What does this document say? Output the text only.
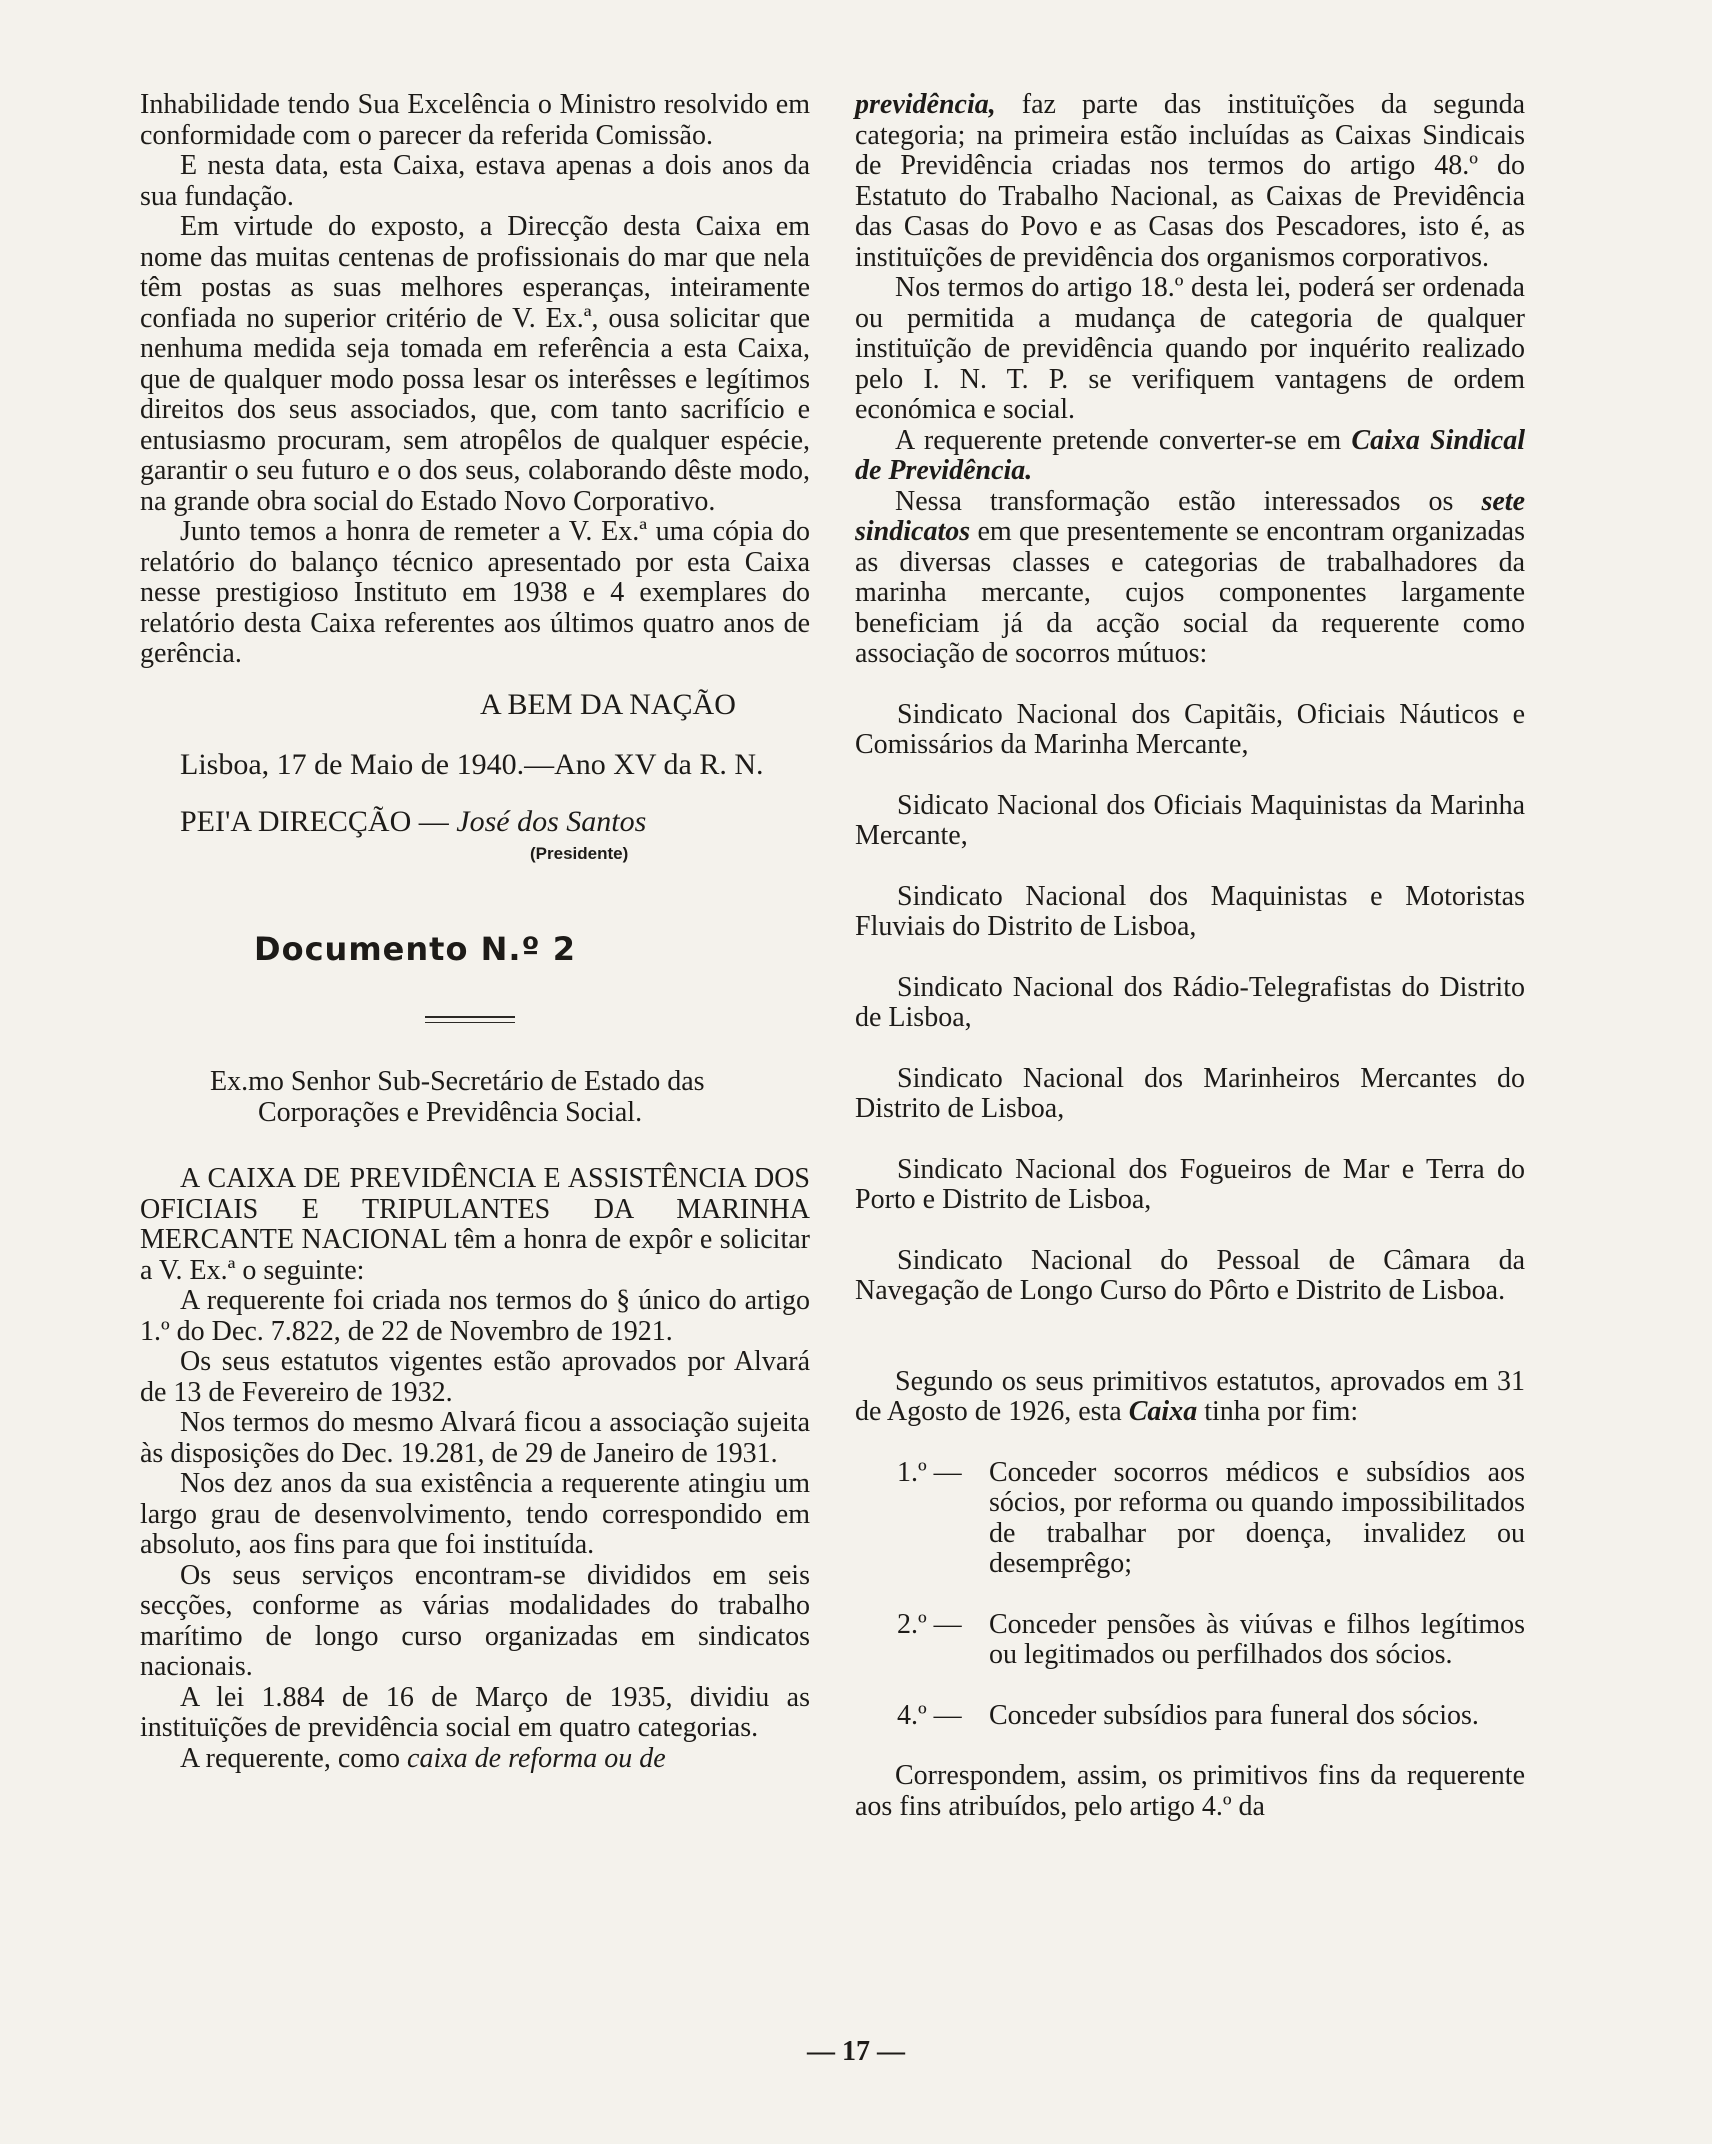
Inhabilidade tendo Sua Excelência o Ministro resolvido em conformidade com o parecer da referida Comissão.

E nesta data, esta Caixa, estava apenas a dois anos da sua fundação.

Em virtude do exposto, a Direcção desta Caixa em nome das muitas centenas de profissionais do mar que nela têm postas as suas melhores esperanças, inteiramente confiada no superior critério de V. Ex.ª, ousa solicitar que nenhuma medida seja tomada em referência a esta Caixa, que de qualquer modo possa lesar os interêsses e legítimos direitos dos seus associados, que, com tanto sacrifício e entusiasmo procuram, sem atropêlos de qualquer espécie, garantir o seu futuro e o dos seus, colaborando dêste modo, na grande obra social do Estado Novo Corporativo.

Junto temos a honra de remeter a V. Ex.ª uma cópia do relatório do balanço técnico apresentado por esta Caixa nesse prestigioso Instituto em 1938 e 4 exemplares do relatório desta Caixa referentes aos últimos quatro anos de gerência.

A BEM DA NAÇÃO

Lisboa, 17 de Maio de 1940.—Ano XV da R. N.

PEI'A DIRECÇÃO — José dos Santos

(Presidente)

Documento N.º 2

Ex.mo Senhor Sub-Secretário de Estado das

Corporações e Previdência Social.

A CAIXA DE PREVIDÊNCIA E ASSISTÊNCIA DOS OFICIAIS E TRIPULANTES DA MARINHA MERCANTE NACIONAL têm a honra de expôr e solicitar a V. Ex.ª o seguinte:

A requerente foi criada nos termos do § único do artigo 1.º do Dec. 7.822, de 22 de Novembro de 1921.

Os seus estatutos vigentes estão aprovados por Alvará de 13 de Fevereiro de 1932.

Nos termos do mesmo Alvará ficou a associação sujeita às disposições do Dec. 19.281, de 29 de Janeiro de 1931.

Nos dez anos da sua existência a requerente atingiu um largo grau de desenvolvimento, tendo correspondido em absoluto, aos fins para que foi instituída.

Os seus serviços encontram-se divididos em seis secções, conforme as várias modalidades do trabalho marítimo de longo curso organizadas em sindicatos nacionais.

A lei 1.884 de 16 de Março de 1935, dividiu as instituïções de previdência social em quatro categorias.

A requerente, como caixa de reforma ou de

previdência, faz parte das instituïções da segunda categoria; na primeira estão incluídas as Caixas Sindicais de Previdência criadas nos termos do artigo 48.º do Estatuto do Trabalho Nacional, as Caixas de Previdência das Casas do Povo e as Casas dos Pescadores, isto é, as instituïções de previdência dos organismos corporativos.

Nos termos do artigo 18.º desta lei, poderá ser ordenada ou permitida a mudança de categoria de qualquer instituïção de previdência quando por inquérito realizado pelo I. N. T. P. se verifiquem vantagens de ordem económica e social.

A requerente pretende converter-se em Caixa Sindical de Previdência.

Nessa transformação estão interessados os sete sindicatos em que presentemente se encontram organizadas as diversas classes e categorias de trabalhadores da marinha mercante, cujos componentes largamente beneficiam já da acção social da requerente como associação de socorros mútuos:

Sindicato Nacional dos Capitãis, Oficiais Náuticos e Comissários da Marinha Mercante,

Sidicato Nacional dos Oficiais Maquinistas da Marinha Mercante,

Sindicato Nacional dos Maquinistas e Motoristas Fluviais do Distrito de Lisboa,

Sindicato Nacional dos Rádio-Telegrafistas do Distrito de Lisboa,

Sindicato Nacional dos Marinheiros Mercantes do Distrito de Lisboa,

Sindicato Nacional dos Fogueiros de Mar e Terra do Porto e Distrito de Lisboa,

Sindicato Nacional do Pessoal de Câmara da Navegação de Longo Curso do Pôrto e Distrito de Lisboa.

Segundo os seus primitivos estatutos, aprovados em 31 de Agosto de 1926, esta Caixa tinha por fim:

1.º — Conceder socorros médicos e subsídios aos sócios, por reforma ou quando impossibilitados de trabalhar por doença, invalidez ou desemprêgo;
2.º — Conceder pensões às viúvas e filhos legítimos ou legitimados ou perfilhados dos sócios.
4.º — Conceder subsídios para funeral dos sócios.

Correspondem, assim, os primitivos fins da requerente aos fins atribuídos, pelo artigo 4.º da

— 17 —
